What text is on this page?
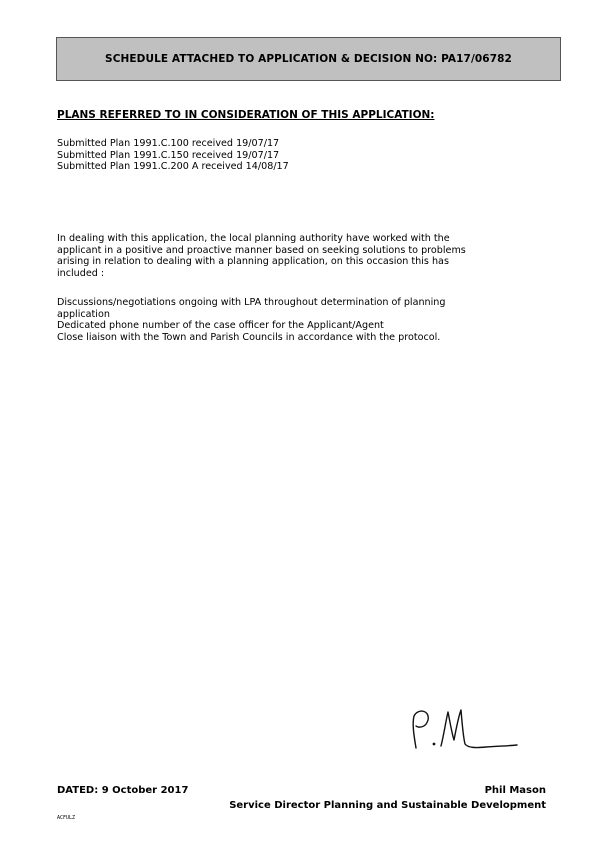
SCHEDULE ATTACHED TO APPLICATION & DECISION NO: PA17/06782
PLANS REFERRED TO IN CONSIDERATION OF THIS APPLICATION:
Submitted Plan 1991.C.100 received 19/07/17
Submitted Plan 1991.C.150 received 19/07/17
Submitted Plan 1991.C.200 A received 14/08/17
In dealing with this application, the local planning authority have worked with the
applicant in a positive and proactive manner based on seeking solutions to problems
arising in relation to dealing with a planning application, on this occasion this has
included :
Discussions/negotiations ongoing with LPA throughout determination of planning
application
Dedicated phone number of the case officer for the Applicant/Agent
Close liaison with the Town and Parish Councils in accordance with the protocol.
DATED: 9 October 2017	Phil Mason
Service Director Planning and Sustainable Development
ACFULZ
